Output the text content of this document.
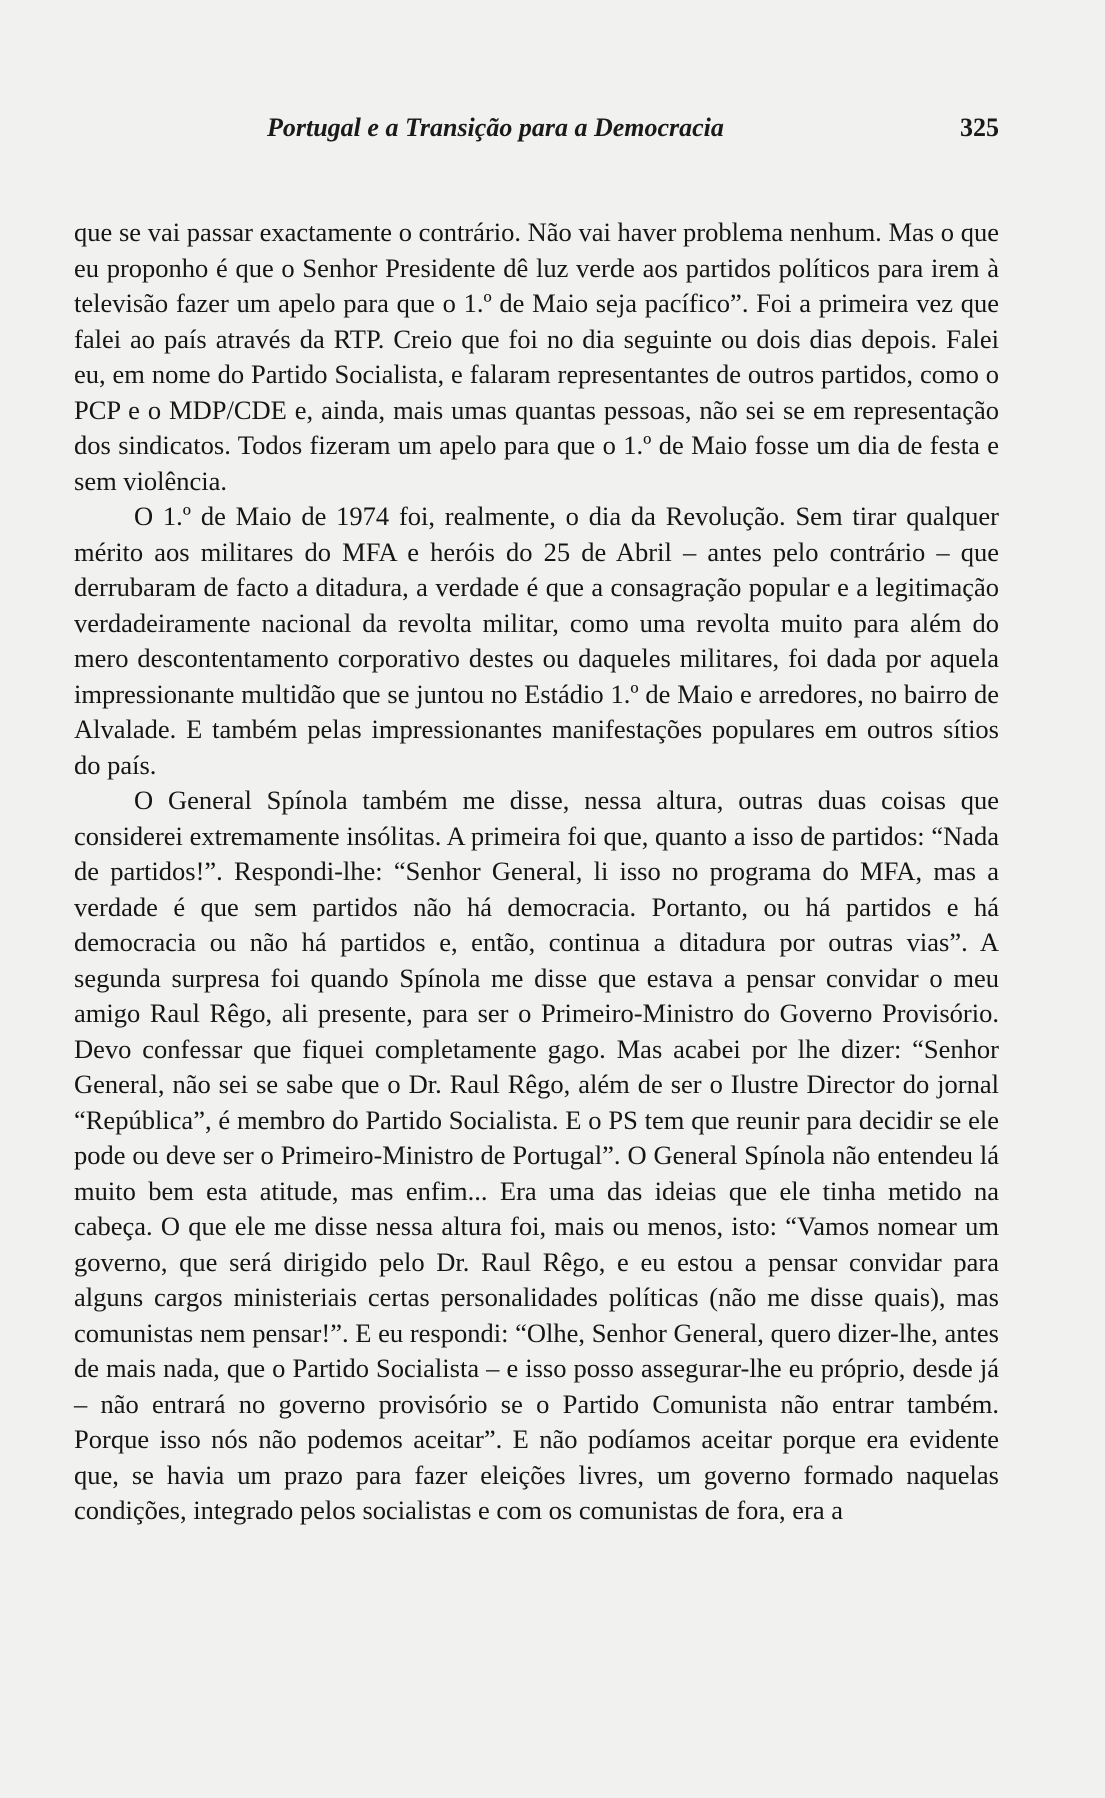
Portugal e a Transição para a Democracia	325

que se vai passar exactamente o contrário. Não vai haver problema nenhum. Mas o que eu proponho é que o Senhor Presidente dê luz verde aos partidos políticos para irem à televisão fazer um apelo para que o 1.º de Maio seja pacífico”. Foi a primeira vez que falei ao país através da RTP. Creio que foi no dia seguinte ou dois dias depois. Falei eu, em nome do Partido Socialista, e falaram representantes de outros partidos, como o PCP e o MDP/CDE e, ainda, mais umas quantas pessoas, não sei se em representação dos sindicatos. Todos fizeram um apelo para que o 1.º de Maio fosse um dia de festa e sem violência.

O 1.º de Maio de 1974 foi, realmente, o dia da Revolução. Sem tirar qualquer mérito aos militares do MFA e heróis do 25 de Abril – antes pelo contrário – que derrubaram de facto a ditadura, a verdade é que a consagração popular e a legitimação verdadeiramente nacional da revolta militar, como uma revolta muito para além do mero descontentamento corporativo destes ou daqueles militares, foi dada por aquela impressionante multidão que se juntou no Estádio 1.º de Maio e arredores, no bairro de Alvalade. E também pelas impressionantes manifestações populares em outros sítios do país.

O General Spínola também me disse, nessa altura, outras duas coisas que considerei extremamente insólitas. A primeira foi que, quanto a isso de partidos: “Nada de partidos!”. Respondi-lhe: “Senhor General, li isso no programa do MFA, mas a verdade é que sem partidos não há democracia. Portanto, ou há partidos e há democracia ou não há partidos e, então, continua a ditadura por outras vias”. A segunda surpresa foi quando Spínola me disse que estava a pensar convidar o meu amigo Raul Rêgo, ali presente, para ser o Primeiro-Ministro do Governo Provisório. Devo confessar que fiquei completamente gago. Mas acabei por lhe dizer: “Senhor General, não sei se sabe que o Dr. Raul Rêgo, além de ser o Ilustre Director do jornal “República”, é membro do Partido Socialista. E o PS tem que reunir para decidir se ele pode ou deve ser o Primeiro-Ministro de Portugal”. O General Spínola não entendeu lá muito bem esta atitude, mas enfim... Era uma das ideias que ele tinha metido na cabeça. O que ele me disse nessa altura foi, mais ou menos, isto: “Vamos nomear um governo, que será dirigido pelo Dr. Raul Rêgo, e eu estou a pensar convidar para alguns cargos ministeriais certas personalidades políticas (não me disse quais), mas comunistas nem pensar!”. E eu respondi: “Olhe, Senhor General, quero dizer-lhe, antes de mais nada, que o Partido Socialista – e isso posso assegurar-lhe eu próprio, desde já – não entrará no governo provisório se o Partido Comunista não entrar também. Porque isso nós não podemos aceitar”. E não podíamos aceitar porque era evidente que, se havia um prazo para fazer eleições livres, um governo formado naquelas condições, integrado pelos socialistas e com os comunistas de fora, era a
